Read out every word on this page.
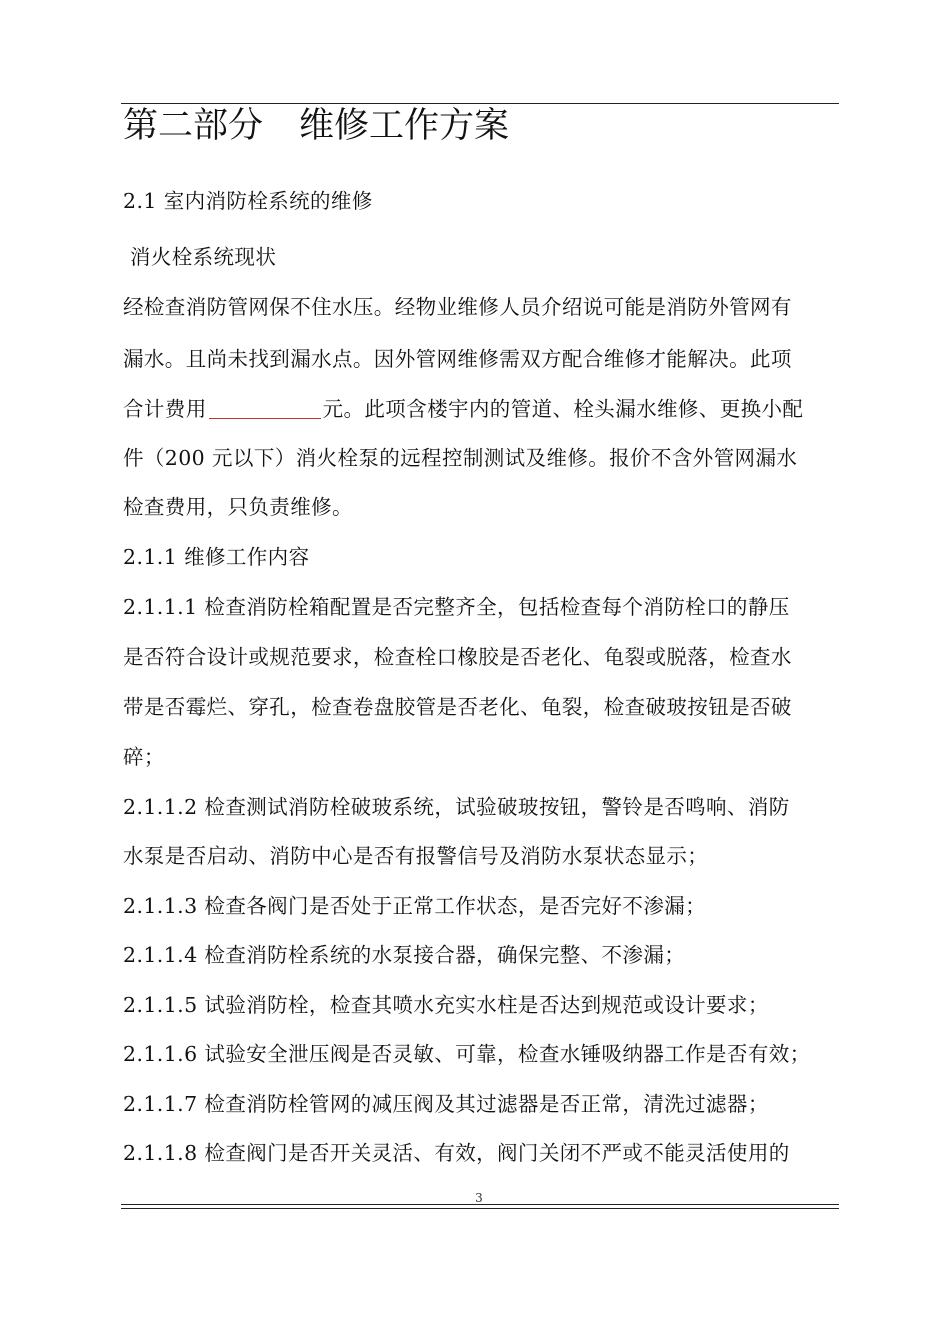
第二部分 维修工作方案
2.1 室内消防栓系统的维修
消火栓系统现状
经检查消防管网保不住水压。经物业维修人员介绍说可能是消防外管网有
漏水。且尚未找到漏水点。因外管网维修需双方配合维修才能解决。此项
合计费用	元。此项含楼宇内的管道、栓头漏水维修、更换小配
件（200 元以下）消火栓泵的远程控制测试及维修。报价不含外管网漏水
检查费用，只负责维修。
2.1.1 维修工作内容
2.1.1.1 检查消防栓箱配置是否完整齐全，包括检查每个消防栓口的静压
是否符合设计或规范要求，检查栓口橡胶是否老化、龟裂或脱落，检查水
带是否霉烂、穿孔，检查卷盘胶管是否老化、龟裂，检查破玻按钮是否破
碎；
2.1.1.2 检查测试消防栓破玻系统，试验破玻按钮，警铃是否鸣响、消防
水泵是否启动、消防中心是否有报警信号及消防水泵状态显示；
2.1.1.3 检查各阀门是否处于正常工作状态，是否完好不渗漏；
2.1.1.4 检查消防栓系统的水泵接合器，确保完整、不渗漏；
2.1.1.5 试验消防栓，检查其喷水充实水柱是否达到规范或设计要求；
2.1.1.6 试验安全泄压阀是否灵敏、可靠，检查水锤吸纳器工作是否有效；
2.1.1.7 检查消防栓管网的减压阀及其过滤器是否正常，清洗过滤器；
2.1.1.8 检查阀门是否开关灵活、有效，阀门关闭不严或不能灵活使用的
3
